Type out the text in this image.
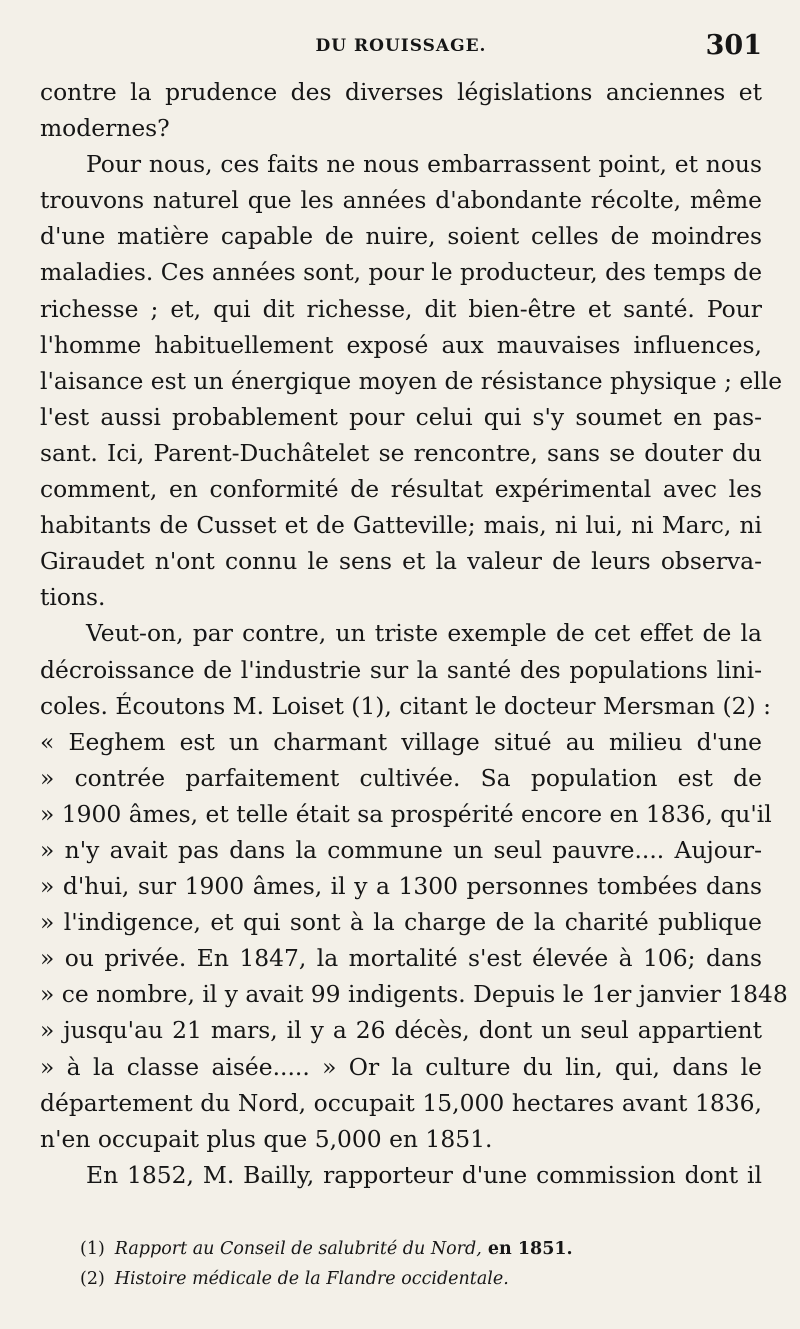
DU ROUISSAGE.	301
contre la prudence des diverses législations anciennes et
modernes?
Pour nous, ces faits ne nous embarrassent point, et nous
trouvons naturel que les années d'abondante récolte, même
d'une matière capable de nuire, soient celles de moindres
maladies. Ces années sont, pour le producteur, des temps de
richesse ; et, qui dit richesse, dit bien-être et santé. Pour
l'homme habituellement exposé aux mauvaises influences,
l'aisance est un énergique moyen de résistance physique ; elle
l'est aussi probablement pour celui qui s'y soumet en pas-
sant. Ici, Parent-Duchâtelet se rencontre, sans se douter du
comment, en conformité de résultat expérimental avec les
habitants de Cusset et de Gatteville; mais, ni lui, ni Marc, ni
Giraudet n'ont connu le sens et la valeur de leurs observa-
tions.
Veut-on, par contre, un triste exemple de cet effet de la
décroissance de l'industrie sur la santé des populations lini-
coles. Écoutons M. Loiset (1), citant le docteur Mersman (2) :
« Eeghem est un charmant village situé au milieu d'une
» contrée parfaitement cultivée. Sa population est de
» 1900 âmes, et telle était sa prospérité encore en 1836, qu'il
» n'y avait pas dans la commune un seul pauvre.... Aujour-
» d'hui, sur 1900 âmes, il y a 1300 personnes tombées dans
» l'indigence, et qui sont à la charge de la charité publique
» ou privée. En 1847, la mortalité s'est élevée à 106; dans
» ce nombre, il y avait 99 indigents. Depuis le 1er janvier 1848
» jusqu'au 21 mars, il y a 26 décès, dont un seul appartient
» à la classe aisée..... » Or la culture du lin, qui, dans le
département du Nord, occupait 15,000 hectares avant 1836,
n'en occupait plus que 5,000 en 1851.
En 1852, M. Bailly, rapporteur d'une commission dont il
(1) Rapport au Conseil de salubrité du Nord, en 1851.
(2) Histoire médicale de la Flandre occidentale.
